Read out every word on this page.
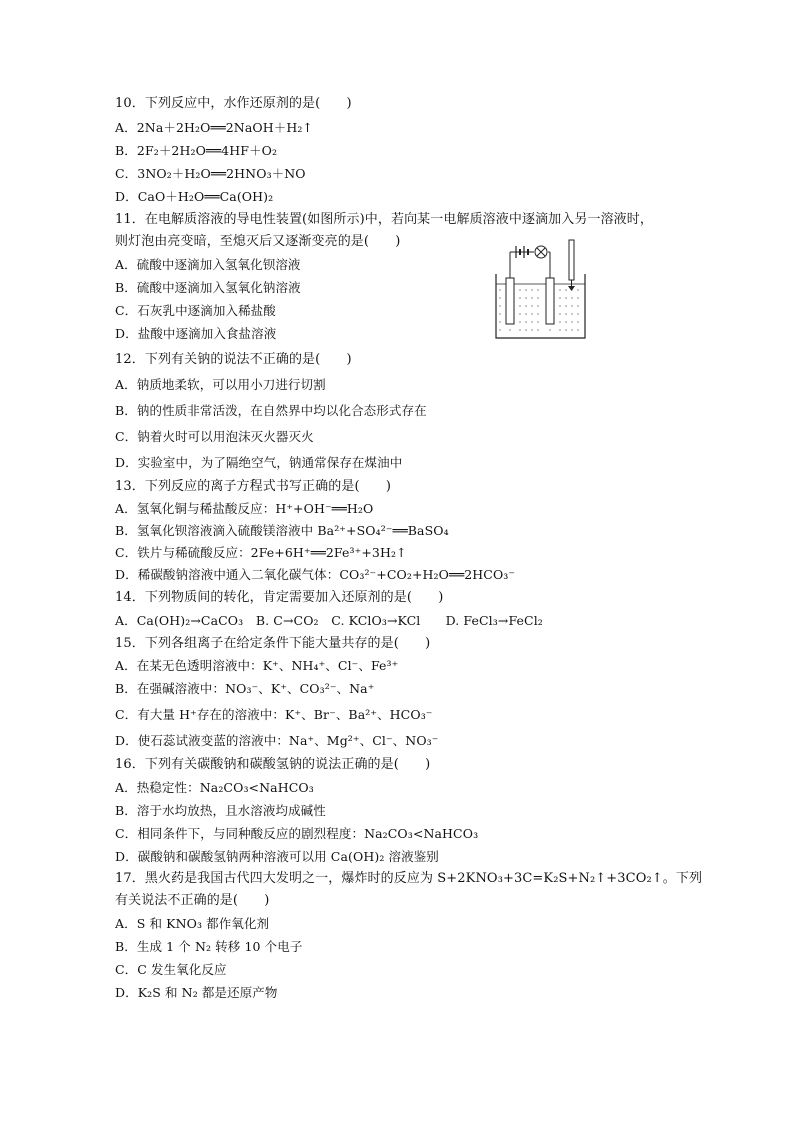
10．下列反应中，水作还原剂的是(　　)
A．2Na＋2H₂O══2NaOH＋H₂↑
B．2F₂＋2H₂O══4HF＋O₂
C．3NO₂＋H₂O══2HNO₃＋NO
D．CaO＋H₂O══Ca(OH)₂
11．在电解质溶液的导电性装置(如图所示)中，若向某一电解质溶液中逐滴加入另一溶液时，
则灯泡由亮变暗，至熄灭后又逐渐变亮的是(　　)
A．硫酸中逐滴加入氢氧化钡溶液
B．硫酸中逐滴加入氢氧化钠溶液
C．石灰乳中逐滴加入稀盐酸
D．盐酸中逐滴加入食盐溶液
12．下列有关钠的说法不正确的是(　　)
A．钠质地柔软，可以用小刀进行切割
B．钠的性质非常活泼，在自然界中均以化合态形式存在
C．钠着火时可以用泡沫灭火器灭火
D．实验室中，为了隔绝空气，钠通常保存在煤油中
13．下列反应的离子方程式书写正确的是(　　)
A．氢氧化铜与稀盐酸反应：H⁺+OH⁻══H₂O
B．氢氧化钡溶液滴入硫酸镁溶液中 Ba²⁺+SO₄²⁻══BaSO₄
C．铁片与稀硫酸反应：2Fe+6H⁺══2Fe³⁺+3H₂↑
D．稀碳酸钠溶液中通入二氧化碳气体：CO₃²⁻+CO₂+H₂O══2HCO₃⁻
14．下列物质间的转化，肯定需要加入还原剂的是(　　)
A．Ca(OH)₂→CaCO₃　B. C→CO₂　C. KClO₃→KCl　　D. FeCl₃→FeCl₂
15．下列各组离子在给定条件下能大量共存的是(　　)
A．在某无色透明溶液中：K⁺、NH₄⁺、Cl⁻、Fe³⁺
B．在强碱溶液中：NO₃⁻、K⁺、CO₃²⁻、Na⁺
C．有大量 H⁺存在的溶液中：K⁺、Br⁻、Ba²⁺、HCO₃⁻
D．使石蕊试液变蓝的溶液中：Na⁺、Mg²⁺、Cl⁻、NO₃⁻
16．下列有关碳酸钠和碳酸氢钠的说法正确的是(　　)
A．热稳定性：Na₂CO₃<NaHCO₃
B．溶于水均放热，且水溶液均成碱性
C．相同条件下，与同种酸反应的剧烈程度：Na₂CO₃<NaHCO₃
D．碳酸钠和碳酸氢钠两种溶液可以用 Ca(OH)₂ 溶液鉴别
17．黑火药是我国古代四大发明之一，爆炸时的反应为 S+2KNO₃+3C=K₂S+N₂↑+3CO₂↑。下列
有关说法不正确的是(　　)
A．S 和 KNO₃ 都作氧化剂
B．生成 1 个 N₂ 转移 10 个电子
C．C 发生氧化反应
D．K₂S 和 N₂ 都是还原产物
